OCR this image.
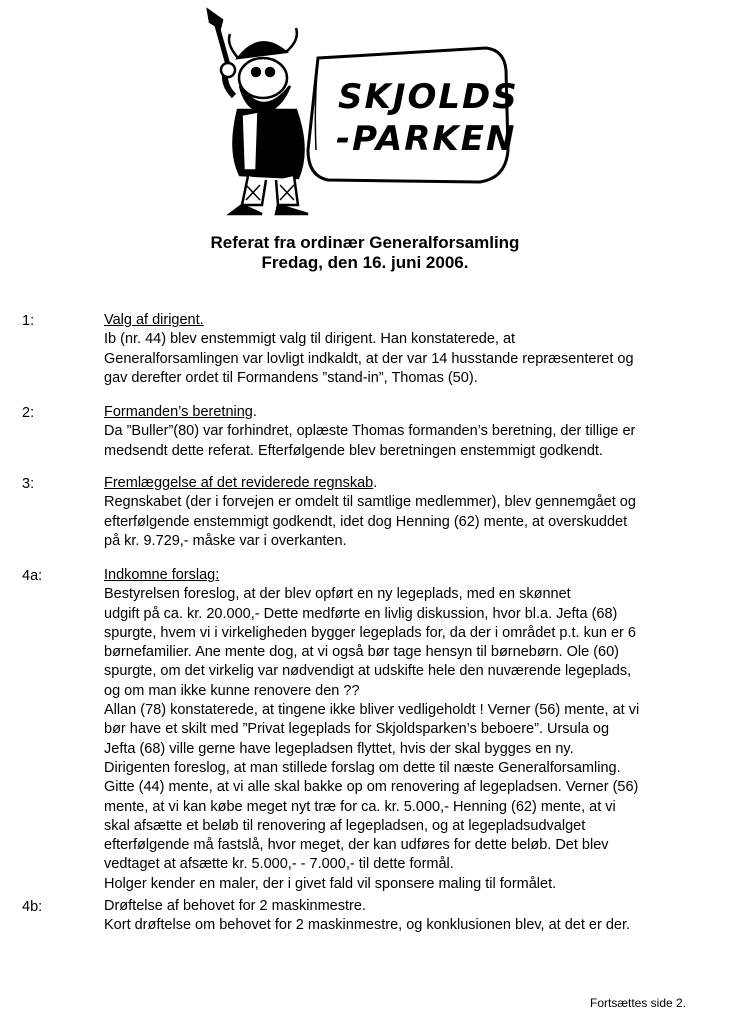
SKJOLDS
-PARKEN
Referat fra ordinær Generalforsamling
Fredag, den 16. juni 2006.
1:	Valg af dirigent.

Ib (nr. 44) blev enstemmigt valg til dirigent. Han konstaterede, at

Generalforsamlingen var lovligt indkaldt, at der var 14 husstande repræsenteret og

gav derefter ordet til Formandens ”stand-in”, Thomas (50).

2:	Formanden’s beretning.

Da ”Buller”(80) var forhindret, oplæste Thomas formanden’s beretning, der tillige er

medsendt dette referat. Efterfølgende blev beretningen enstemmigt godkendt.

3:	Fremlæggelse af det reviderede regnskab.

Regnskabet (der i forvejen er omdelt til samtlige medlemmer), blev gennemgået og

efterfølgende enstemmigt godkendt, idet dog Henning (62) mente, at overskuddet

på kr. 9.729,- måske var i overkanten.

4a:	Indkomne forslag:

Bestyrelsen foreslog, at der blev opført en ny legeplads, med en skønnet

udgift på ca. kr. 20.000,- Dette medførte en livlig diskussion, hvor bl.a. Jefta (68)

spurgte, hvem vi i virkeligheden bygger legeplads for, da der i området p.t. kun er 6

børnefamilier. Ane mente dog, at vi også bør tage hensyn til børnebørn. Ole (60)

spurgte, om det virkelig var nødvendigt at udskifte hele den nuværende legeplads,

og om man ikke kunne renovere den ??

Allan (78) konstaterede, at tingene ikke bliver vedligeholdt ! Verner (56) mente, at vi

bør have et skilt med ”Privat legeplads for Skjoldsparken’s beboere”. Ursula og

Jefta (68) ville gerne have legepladsen flyttet, hvis der skal bygges en ny.

Dirigenten foreslog, at man stillede forslag om dette til næste Generalforsamling.

Gitte (44) mente, at vi alle skal bakke op om renovering af legepladsen. Verner (56)

mente, at vi kan købe meget nyt træ for ca. kr. 5.000,- Henning (62) mente, at vi

skal afsætte et beløb til renovering af legepladsen, og at legepladsudvalget

efterfølgende må fastslå, hvor meget, der kan udføres for dette beløb. Det blev

vedtaget at afsætte kr. 5.000,- - 7.000,- til dette formål.

Holger kender en maler, der i givet fald vil sponsere maling til formålet.

4b:	Drøftelse af behovet for 2 maskinmestre.

Kort drøftelse om behovet for 2 maskinmestre, og konklusionen blev, at det er der.

Fortsættes side 2.
